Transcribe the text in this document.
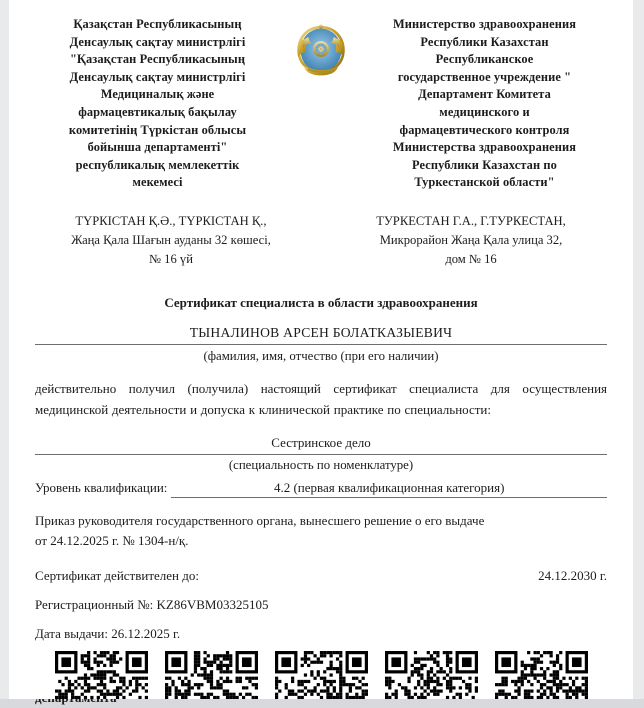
Қазақстан Республикасының
Денсаулық сақтау министрлігі
"Қазақстан Республикасының
Денсаулық сақтау министрлігі
Медициналық және
фармацевтикалық бақылау
комитетінің Түркістан облысы
бойынша департаменті"
республикалық мемлекеттік
мекемесі
Министерство здравоохранения
Республики Казахстан
Республиканское
государственное учреждение "
Департамент Комитета
медицинского и
фармацевтического контроля
Министерства здравоохранения
Республики Казахстан по
Туркестанской области"
ТҮРКІСТАН Қ.Ә., ТҮРКІСТАН Қ.,
Жаңа Қала Шағын ауданы 32 көшесі,
№ 16 үй
ТУРКЕСТАН Г.А., Г.ТУРКЕСТАН,
Микрорайон Жаңа Қала улица 32,
дом № 16
Сертификат специалиста в области здравоохранения
ТЫНАЛИНОВ АРСЕН БОЛАТКАЗЫЕВИЧ
(фамилия, имя, отчество (при его наличии)
действительно получил (получила) настоящий сертификат специалиста для осуществления медицинской деятельности и допуска к клинической практике по специальности:
Сестринское дело
(специальность по номенклатуре)
Уровень квалификации:	4.2 (первая квалификационная категория)
Приказ руководителя государственного органа, вынесшего решение о его выдаче
от 24.12.2025 г. № 1304-н/қ.
Сертификат действителен до:	24.12.2030 г.
Регистрационный №: KZ86VBM03325105
Дата выдачи: 26.12.2025 г.
